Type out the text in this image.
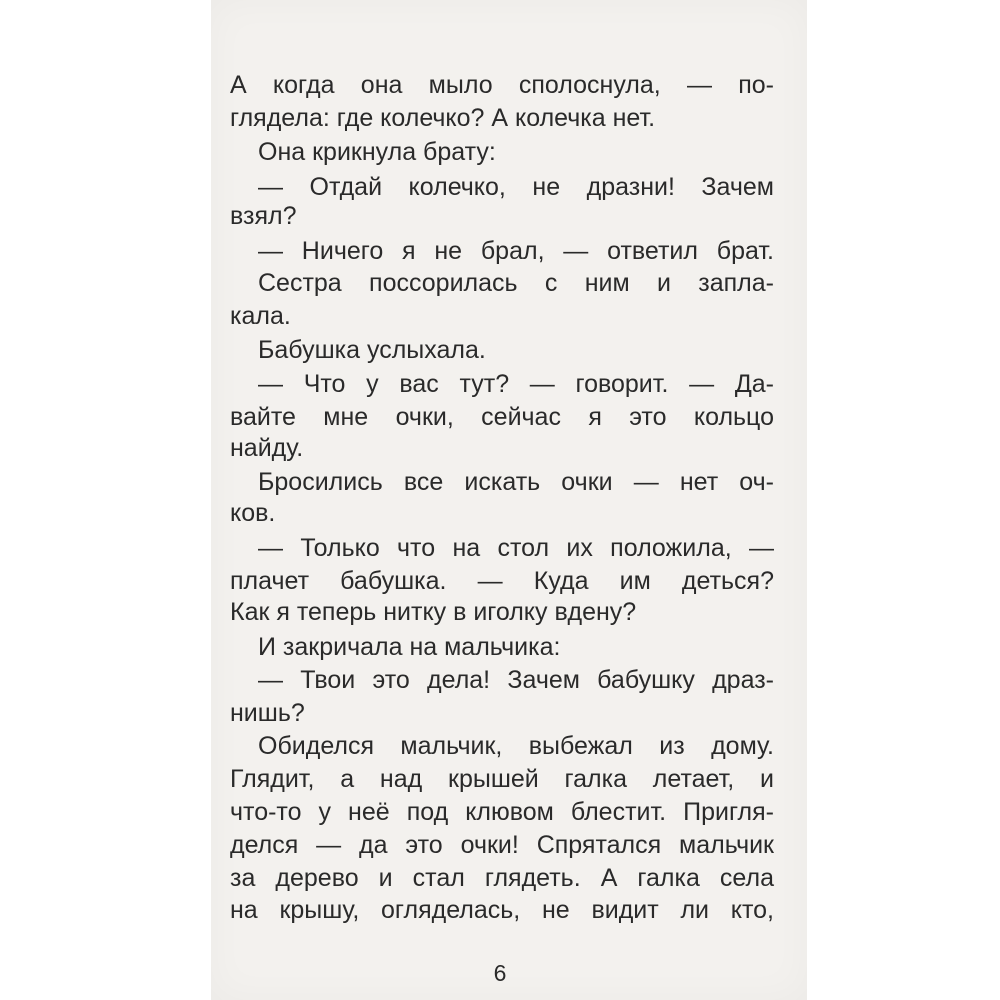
А когда она мыло сполоснула, — по-
глядела: где колечко? А колечка нет.
Она крикнула брату:
— Отдай колечко, не дразни! Зачем
взял?
— Ничего я не брал, — ответил брат.
Сестра поссорилась с ним и запла-
кала.
Бабушка услыхала.
— Что у вас тут? — говорит. — Да-
вайте мне очки, сейчас я это кольцо
найду.
Бросились все искать очки — нет оч-
ков.
— Только что на стол их положила, —
плачет бабушка. — Куда им деться?
Как я теперь нитку в иголку вдену?
И закричала на мальчика:
— Твои это дела! Зачем бабушку драз-
нишь?
Обиделся мальчик, выбежал из дому.
Глядит, а над крышей галка летает, и
что-то у неё под клювом блестит. Пригля-
делся — да это очки! Спрятался мальчик
за дерево и стал глядеть. А галка села
на крышу, огляделась, не видит ли кто,
6
